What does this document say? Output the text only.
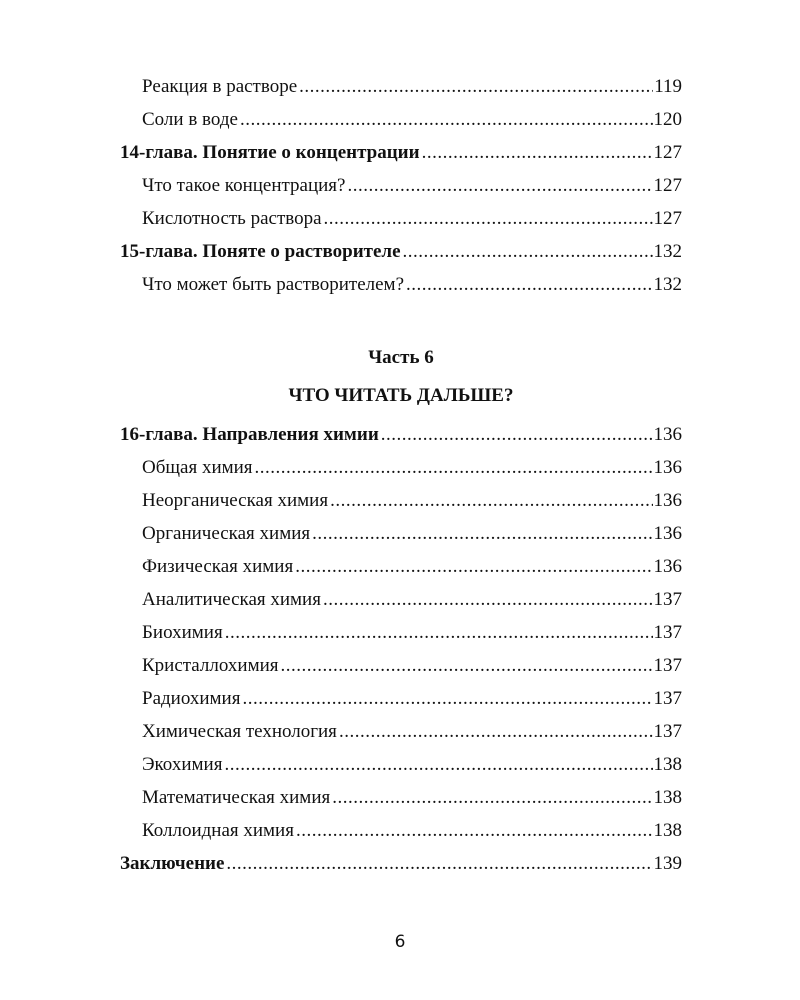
Реакция в растворе .....	119
Соли в воде .....	120
14-глава. Понятие о концентрации .....	127
Что такое концентрация? .....	127
Кислотность раствора .....	127
15-глава. Поняте о растворителе .....	132
Что может быть растворителем? .....	132
Часть 6
ЧТО ЧИТАТЬ ДАЛЬШЕ?
16-глава. Направления химии .....	136
Общая химия .....	136
Неорганическая химия .....	136
Органическая химия .....	136
Физическая химия .....	136
Аналитическая химия .....	137
Биохимия .....	137
Кристаллохимия .....	137
Радиохимия .....	137
Химическая технология .....	137
Экохимия .....	138
Математическая химия .....	138
Коллоидная химия .....	138
Заключение .....	139
6
